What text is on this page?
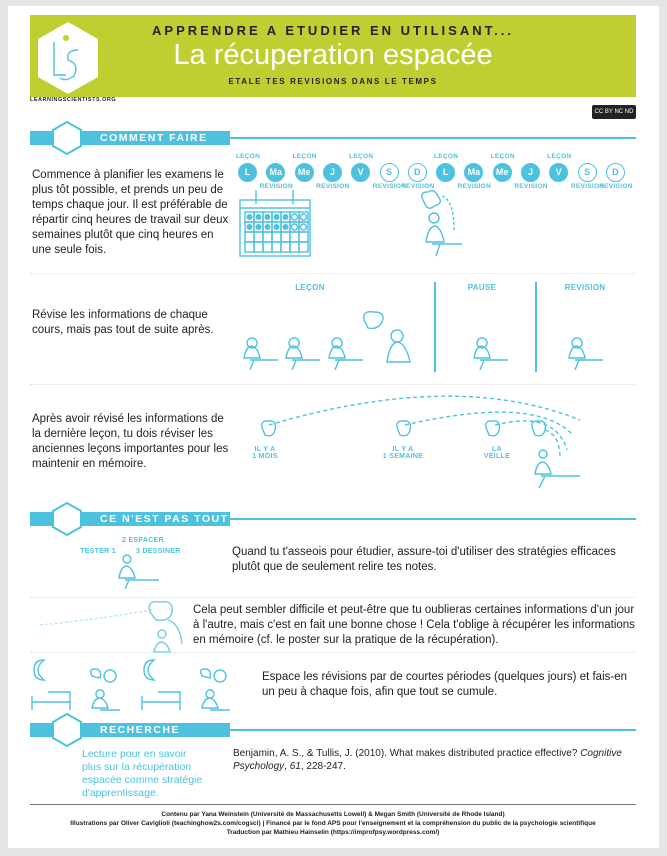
APPRENDRE A ETUDIER EN UTILISANT...
La récuperation espacée
ETALE TES REVISIONS DANS LE TEMPS
LEARNINGSCIENTISTS.ORG
CC BY NC ND
COMMENT FAIRE
Commence à planifier les examens le plus tôt possible, et prends un peu de temps chaque jour. Il est préférable de répartir cinq heures de travail sur deux semaines plutôt que cinq heures en une seule fois.
L
LEÇON
Ma
REVISION
Me
LEÇON
J
REVISION
V
LEÇON
S
REVISION
D
REVISION
L
LEÇON
Ma
REVISION
Me
LEÇON
J
REVISION
V
LEÇON
S
REVISION
D
REVISION
Révise les informations de chaque cours, mais pas tout de suite après.
LEÇON	PAUSE	REVISION
Après avoir révisé les informations de la dernière leçon, tu dois réviser les anciennes leçons importantes pour les maintenir en mémoire.
IL Y A
1 MOIS
IL Y A
1 SEMAINE
LA
VEILLE
CE N'EST PAS TOUT
TESTER 1
2 ESPACER
3 DESSINER	Quand tu t'asseois pour étudier, assure-toi d'utiliser des stratégies efficaces plutôt que de seulement relire tes notes.
Cela peut sembler difficile et peut-être que tu oublieras certaines informations d'un jour à l'autre, mais c'est en fait une bonne chose ! Cela t'oblige à récupérer les informations en mémoire (cf. le poster sur la pratique de la récupération).
Espace les révisions par de courtes périodes (quelques jours) et fais-en un peu à chaque fois, afin que tout se cumule.
RECHERCHE
Lecture pour en savoir plus sur la récupération espacée comme stratégie d'apprentissage.
Benjamin, A. S., & Tullis, J. (2010). What makes distributed practice effective? Cognitive Psychology, 61, 228-247.
Contenu par Yana Weinstein (Université de Massachusetts Lowell) & Megan Smith (Université de Rhode Island)
Illustrations par Oliver Caviglioli (teachinghow2s.com/cogsci) | Financé par le fond APS pour l'enseignement et la compréhension du public de la psychologie scientifique
Traduction par Mathieu Hainselin (https://improfpsy.wordpress.com/)
